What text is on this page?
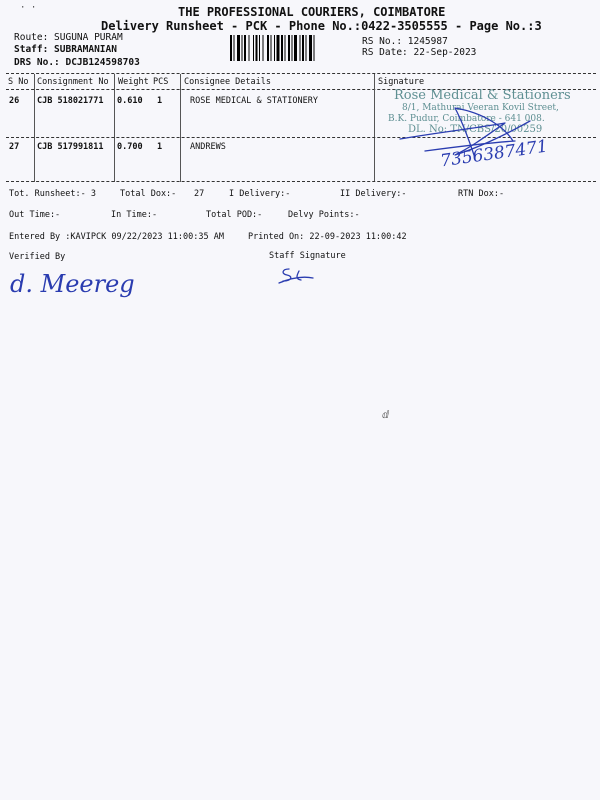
THE PROFESSIONAL COURIERS, COIMBATORE
Delivery Runsheet - PCK - Phone No.:0422-3505555 - Page No.:3
Route: SUGUNA PURAM
Staff: SUBRAMANIAN
DRS No.: DCJB124598703
RS No.: 1245987
RS Date: 22-Sep-2023
S No Consignment No Weight PCS Consignee Details	Signature
26 CJB 518021771 0.610 1	ROSE MEDICAL & STATIONERY
27 CJB 517991811 0.700 1	ANDREWS
Rose Medical & Stationers
8/1, Mathurai Veeran Kovil Street,
B.K. Pudur, Coimbatore - 641 008.
DL. No: TN/CBS/20/00259
7356387471
Tot. Runsheet:- 3	Total Dox:- 27	I Delivery:-	II Delivery:-	RTN Dox:-
Out Time:-	In Time:-	Total POD:-	Delvy Points:-
Entered By :KAVIPCK 09/22/2023 11:00:35 AM	Printed On: 22-09-2023 11:00:42
Verified By	Staff Signature
d. Meereg
· ·
ⅆ
